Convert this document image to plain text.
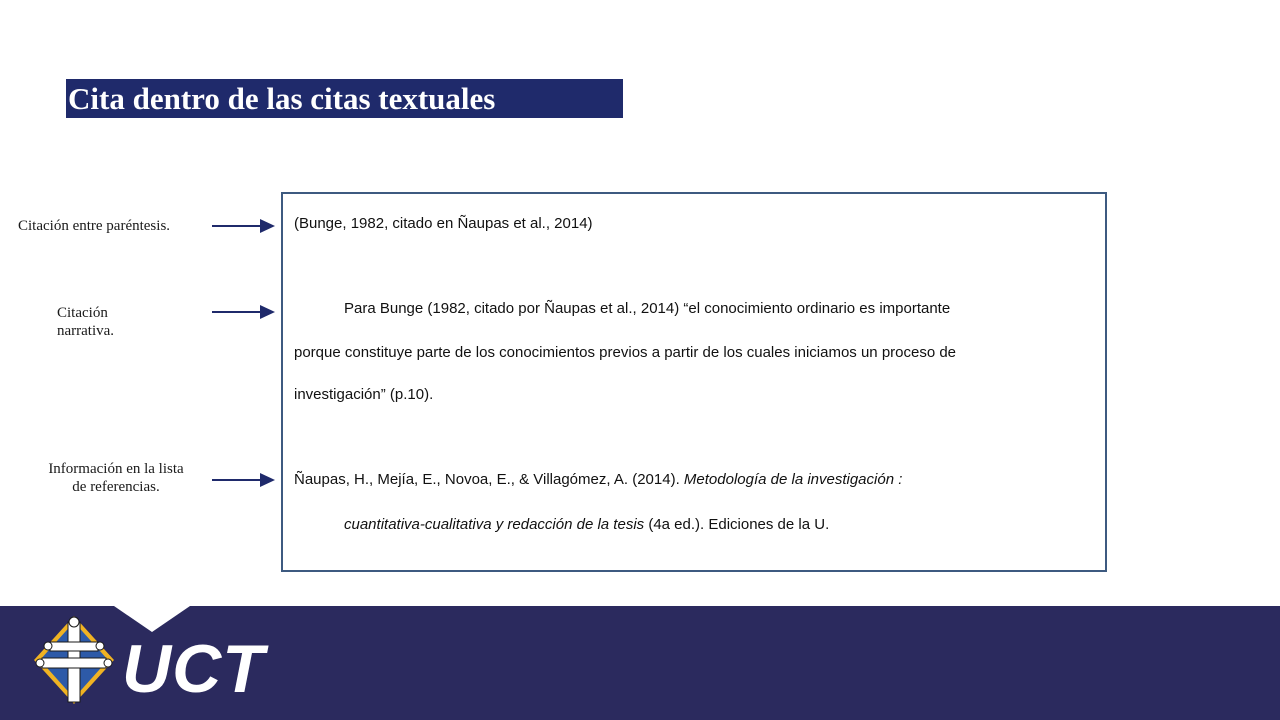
Cita dentro de las citas textuales
Citación entre paréntesis.
Citación
narrativa.
Información en la lista
de referencias.
(Bunge, 1982, citado en Ñaupas et al., 2014)
Para Bunge (1982, citado por Ñaupas et al., 2014) “el conocimiento ordinario es importante
porque constituye parte de los conocimientos previos a partir de los cuales iniciamos un proceso de
investigación” (p.10).
Ñaupas, H., Mejía, E., Novoa, E., & Villagómez, A. (2014). Metodología de la investigación :
cuantitativa-cualitativa y redacción de la tesis (4a ed.). Ediciones de la U.
UCT
